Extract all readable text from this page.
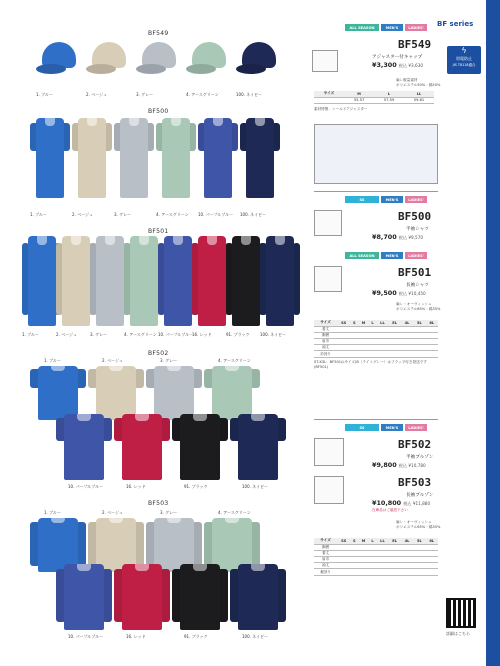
BF series
ϟ
帯電防止
JIS T8118適合
BF549
1. ブルー	2. ベージュ	3. グレー	4. アースグリーン	100. ネイビー
BF500
1. ブルー	2. ベージュ	3. グレー	4. アースグリーン 10. パープルブルー 100. ネイビー
BF501
1. ブルー	2. ベージュ	3. グレー	4. アースグリーン 10. パープルブルー
16. レッド	91. ブラック	100. ネイビー
BF502
1. ブルー	2. ベージュ	3. グレー	4. アースグリーン
10. パープルブルー	16. レッド	91. ブラック	100. ネイビー
BF503
1. ブルー	2. ベージュ	3. グレー	4. アースグリーン
10. パープルブルー	16. レッド	91. ブラック	100. ネイビー
ALL SEASON	MEN'S	LADIES'
BF549
アジャスター付キャップ
¥3,300 税込 ¥3,630
麻レ軽量素材
ポリエステル50%・綿50%
サイズ	M	L	LL
	55-57	57-59	59-61
素材特徴：シールドアジャスター
SS	MEN'S	LADIES'
BF500
半袖シャツ
¥8,700 税込 ¥9,570
ALL SEASON	MEN'S	LADIES'
BF501
長袖シャツ
¥9,500 税込 ¥10,450
麻レ・オーヴィッシュ
ポリエステル65%・綿35%
サイズ	SS	S	M	L	LL	EL	4L	5L	6L
着丈									
胸囲									
肩巾									
袖丈									
衿回り									
ST-K3L：BF501(Lサイズ)B（ライトグレー）はフラップ付き発送です(BF501)
SS	MEN'S	LADIES'
BF502
半袖ブルゾン
¥9,800 税込 ¥10,780
BF503
長袖ブルゾン
¥10,800 税込 ¥11,880
在庫品はご確認下さい
麻レ・オーヴィッシュ
ポリエステル65%・綿35%
サイズ	SS	S	M	L	LL	EL	4L	5L	6L
胸囲									
着丈									
肩巾									
袖丈									
裾回り									
詳細はこちら
058
